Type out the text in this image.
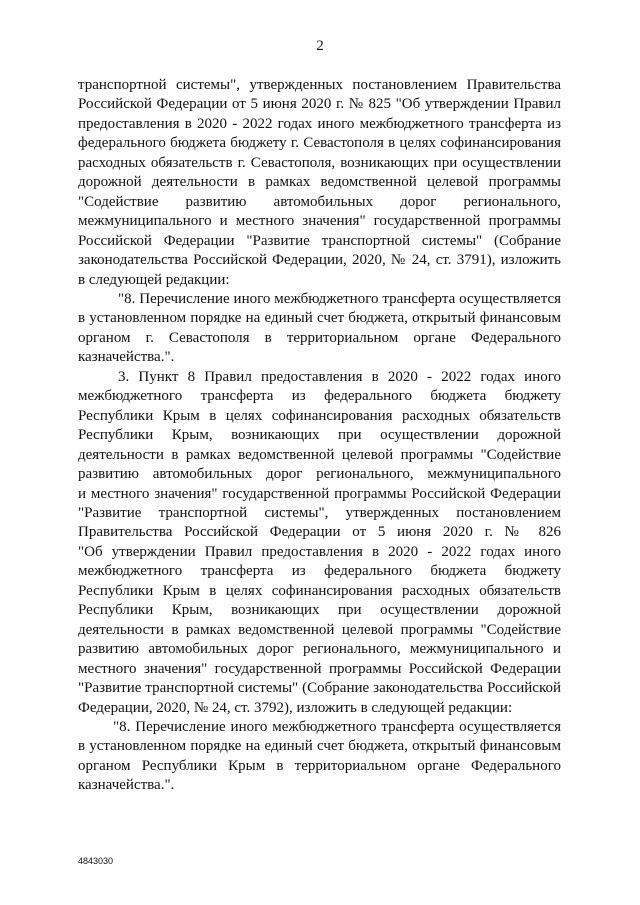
2
транспортной системы", утвержденных постановлением Правительства
Российской Федерации от 5 июня 2020 г. № 825 "Об утверждении Правил
предоставления в 2020 - 2022 годах иного межбюджетного трансферта из
федерального бюджета бюджету г. Севастополя в целях софинансирования
расходных обязательств г. Севастополя, возникающих при осуществлении
дорожной деятельности в рамках ведомственной целевой программы
"Содействие развитию автомобильных дорог регионального,
межмуниципального и местного значения" государственной программы
Российской Федерации "Развитие транспортной системы" (Собрание
законодательства Российской Федерации, 2020, № 24, ст. 3791), изложить
в следующей редакции:
"8. Перечисление иного межбюджетного трансферта осуществляется
в установленном порядке на единый счет бюджета, открытый финансовым
органом г. Севастополя в территориальном органе Федерального
казначейства.".
3. Пункт 8 Правил предоставления в 2020 - 2022 годах иного
межбюджетного трансферта из федерального бюджета бюджету
Республики Крым в целях софинансирования расходных обязательств
Республики Крым, возникающих при осуществлении дорожной
деятельности в рамках ведомственной целевой программы "Содействие
развитию автомобильных дорог регионального, межмуниципального
и местного значения" государственной программы Российской Федерации
"Развитие транспортной системы", утвержденных постановлением
Правительства Российской Федерации от 5 июня 2020 г. № 826
"Об утверждении Правил предоставления в 2020 - 2022 годах иного
межбюджетного трансферта из федерального бюджета бюджету
Республики Крым в целях софинансирования расходных обязательств
Республики Крым, возникающих при осуществлении дорожной
деятельности в рамках ведомственной целевой программы "Содействие
развитию автомобильных дорог регионального, межмуниципального и
местного значения" государственной программы Российской Федерации
"Развитие транспортной системы" (Собрание законодательства Российской
Федерации, 2020, № 24, ст. 3792), изложить в следующей редакции:
"8. Перечисление иного межбюджетного трансферта осуществляется
в установленном порядке на единый счет бюджета, открытый финансовым
органом Республики Крым в территориальном органе Федерального
казначейства.".
4843030
